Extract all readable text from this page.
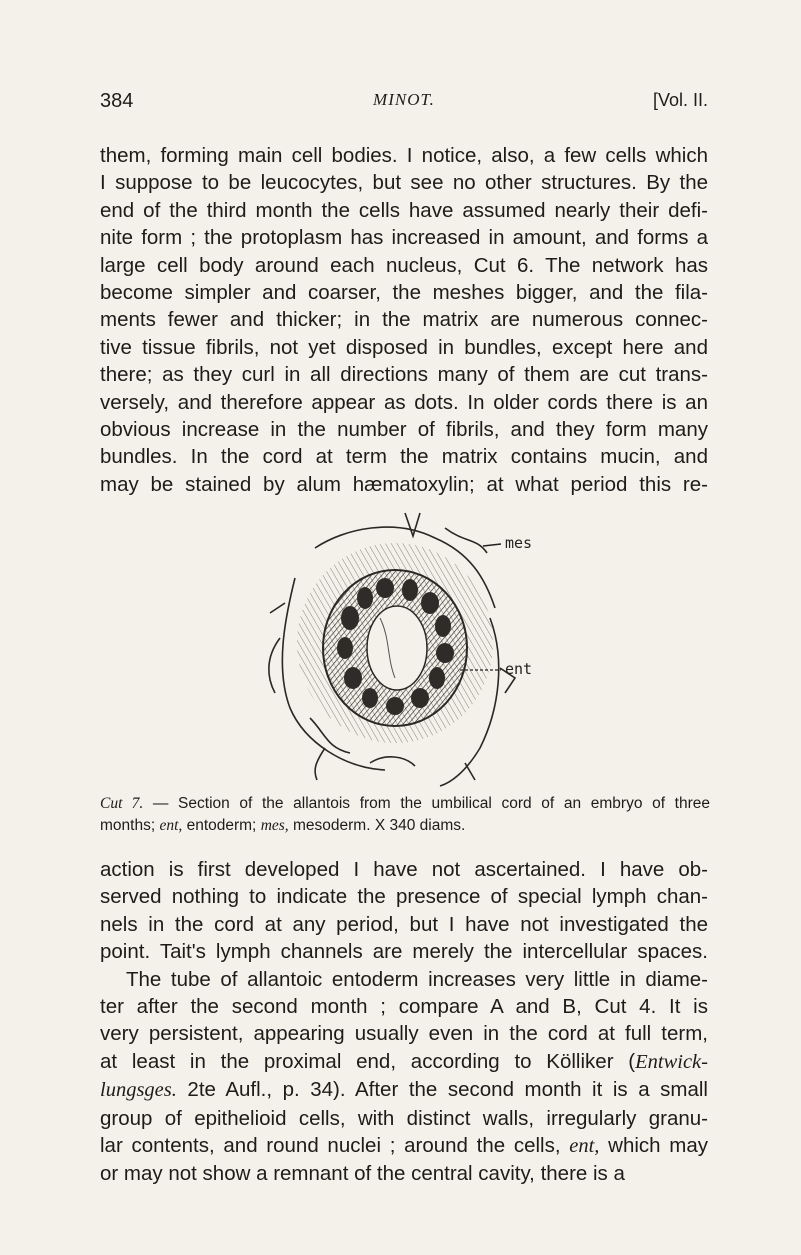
384	MINOT.	[Vol. II.
them, forming main cell bodies. I notice, also, a few cells which
I suppose to be leucocytes, but see no other structures. By the
end of the third month the cells have assumed nearly their defi-
nite form ; the protoplasm has increased in amount, and forms a
large cell body around each nucleus, Cut 6. The network has
become simpler and coarser, the meshes bigger, and the fila-
ments fewer and thicker; in the matrix are numerous connec-
tive tissue fibrils, not yet disposed in bundles, except here and
there; as they curl in all directions many of them are cut trans-
versely, and therefore appear as dots. In older cords there is an
obvious increase in the number of fibrils, and they form many
bundles. In the cord at term the matrix contains mucin, and
may be stained by alum hæmatoxylin; at what period this re-
mes
ent
Cut 7. — Section of the allantois from the umbilical cord of an embryo of three
months; ent, entoderm; mes, mesoderm. X 340 diams.
action is first developed I have not ascertained. I have ob-
served nothing to indicate the presence of special lymph chan-
nels in the cord at any period, but I have not investigated the
point. Tait's lymph channels are merely the intercellular spaces.
The tube of allantoic entoderm increases very little in diame-
ter after the second month ; compare A and B, Cut 4. It is
very persistent, appearing usually even in the cord at full term,
at least in the proximal end, according to Kölliker (Entwick-
lungsges. 2te Aufl., p. 34). After the second month it is a small
group of epithelioid cells, with distinct walls, irregularly granu-
lar contents, and round nuclei ; around the cells, ent, which may
or may not show a remnant of the central cavity, there is a
